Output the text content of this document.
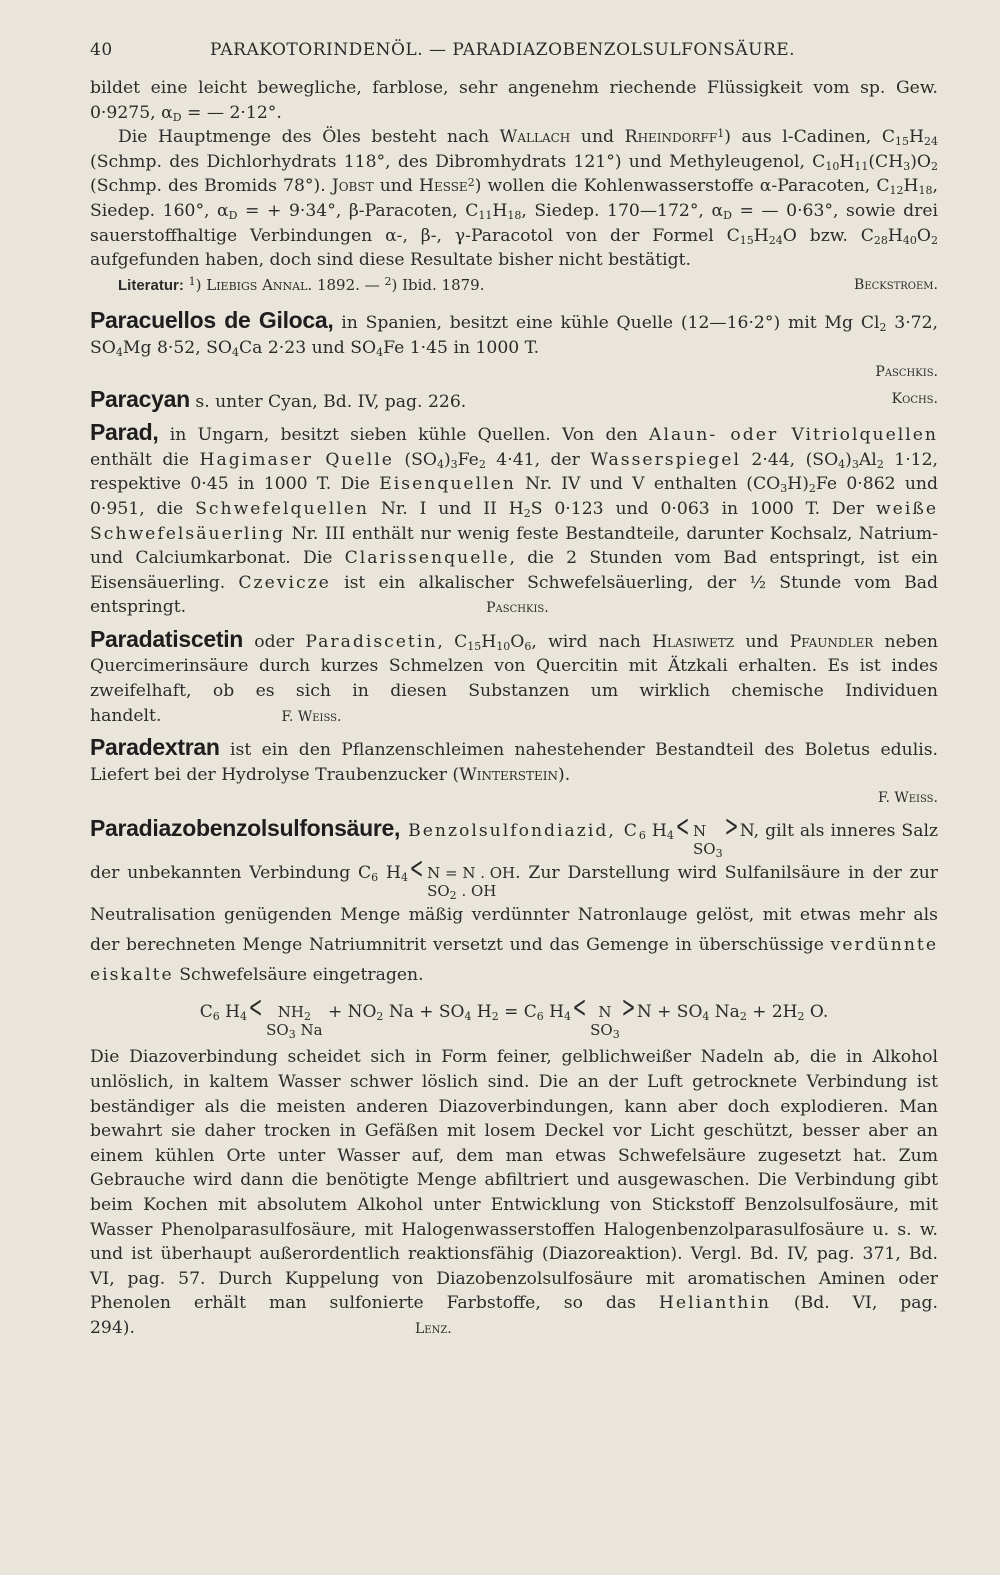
40	PARAKOTORINDENÖL. — PARADIAZOBENZOLSULFONSÄURE.

bildet eine leicht bewegliche, farblose, sehr angenehm riechende Flüssigkeit vom sp. Gew. 0·9275, $\alpha_D$ = — 2·12°.

Die Hauptmenge des Öles besteht nach Wallach und Rheindorff$^1$) aus l-Cadinen, $C_{15}H_{24}$ (Schmp. des Dichlorhydrats 118°, des Dibromhydrats 121°) und Methyleugenol, $C_{10}H_{11}(CH_3)O_2$ (Schmp. des Bromids 78°). Jobst und Hesse$^2$) wollen die Kohlenwasserstoffe α-Paracoten, $C_{12}H_{18}$, Siedep. 160°, $\alpha_D$ = + 9·34°, β-Paracoten, $C_{11}H_{18}$, Siedep. 170—172°, $\alpha_D$ = — 0·63°, sowie drei sauerstoffhaltige Verbindungen α-, β-, γ-Paracotol von der Formel $C_{15}H_{24}O$ bzw. $C_{28}H_{40}O_2$ aufgefunden haben, doch sind diese Resultate bisher nicht bestätigt.

Beckstroem.
Literatur: $^1$) Liebigs Annal. 1892. — $^2$) Ibid. 1879.

Paracuellos de Giloca, in Spanien, besitzt eine kühle Quelle (12—16·2°) mit Mg $Cl_2$ 3·72, $SO_4Mg$ 8·52, $SO_4Ca$ 2·23 und $SO_4Fe$ 1·45 in 1000 T.

Paschkis.

Kochs.
Paracyan s. unter Cyan, Bd. IV, pag. 226.

Parad, in Ungarn, besitzt sieben kühle Quellen. Von den Alaun- oder Vitriolquellen enthält die Hagimaser Quelle $(SO_4)_3Fe_2$ 4·41, der Wasserspiegel 2·44, $(SO_4)_3Al_2$ 1·12, respektive 0·45 in 1000 T. Die Eisenquellen Nr. IV und V enthalten $(CO_3H)_2Fe$ 0·862 und 0·951, die Schwefelquellen Nr. I und II $H_2S$ 0·123 und 0·063 in 1000 T. Der weiße Schwefelsäuerling Nr. III enthält nur wenig feste Bestandteile, darunter Kochsalz, Natrium- und Calciumkarbonat. Die Clarissenquelle, die 2 Stunden vom Bad entspringt, ist ein Eisensäuerling. Czevicze ist ein alkalischer Schwefelsäuerling, der ½ Stunde vom Bad entspringt.	Paschkis.

Paradatiscetin oder Paradiscetin, $C_{15}H_{10}O_6$, wird nach Hlasiwetz und Pfaundler neben Quercimerinsäure durch kurzes Schmelzen von Quercitin mit Ätzkali erhalten. Es ist indes zweifelhaft, ob es sich in diesen Substanzen um wirklich chemische Individuen handelt.	F. Weiss.

Paradextran ist ein den Pflanzenschleimen nahestehender Bestandteil des Boletus edulis. Liefert bei der Hydrolyse Traubenzucker (Winterstein).

F. Weiss.

Paradiazobenzolsulfonsäure, Benzolsulfondiazid, $C_6$ $H_4< N$
$SO_3$
>N, gilt als inneres Salz der unbekannten Verbindung $C_6$ $H_4< N = N$ . OH
$SO_2$ . OH
. Zur Darstellung wird Sulfanilsäure in der zur Neutralisation genügenden Menge mäßig verdünnter Natronlauge gelöst, mit etwas mehr als der berechneten Menge Natriumnitrit versetzt und das Gemenge in überschüssige verdünnte eiskalte Schwefelsäure eingetragen.

$C_6$ $H_4<$	$NH_2$
$SO_3$ Na
+ $NO_2$ $Na + SO_4$ $H_2 = C_6$ $H_4< N$
$SO_3$
$>N + SO_4$ $Na_2 + 2H_2$ O.

Die Diazoverbindung scheidet sich in Form feiner, gelblichweißer Nadeln ab, die in Alkohol unlöslich, in kaltem Wasser schwer löslich sind. Die an der Luft getrocknete Verbindung ist beständiger als die meisten anderen Diazoverbindungen, kann aber doch explodieren. Man bewahrt sie daher trocken in Gefäßen mit losem Deckel vor Licht geschützt, besser aber an einem kühlen Orte unter Wasser auf, dem man etwas Schwefelsäure zugesetzt hat. Zum Gebrauche wird dann die benötigte Menge abfiltriert und ausgewaschen. Die Verbindung gibt beim Kochen mit absolutem Alkohol unter Entwicklung von Stickstoff Benzolsulfosäure, mit Wasser Phenolparasulfosäure, mit Halogenwasserstoffen Halogenbenzolparasulfosäure u. s. w. und ist überhaupt außerordentlich reaktionsfähig (Diazoreaktion). Vergl. Bd. IV, pag. 371, Bd. VI, pag. 57. Durch Kuppelung von Diazobenzolsulfosäure mit aromatischen Aminen oder Phenolen erhält man sulfonierte Farbstoffe, so das Helianthin (Bd. VI, pag. 294).	Lenz.
